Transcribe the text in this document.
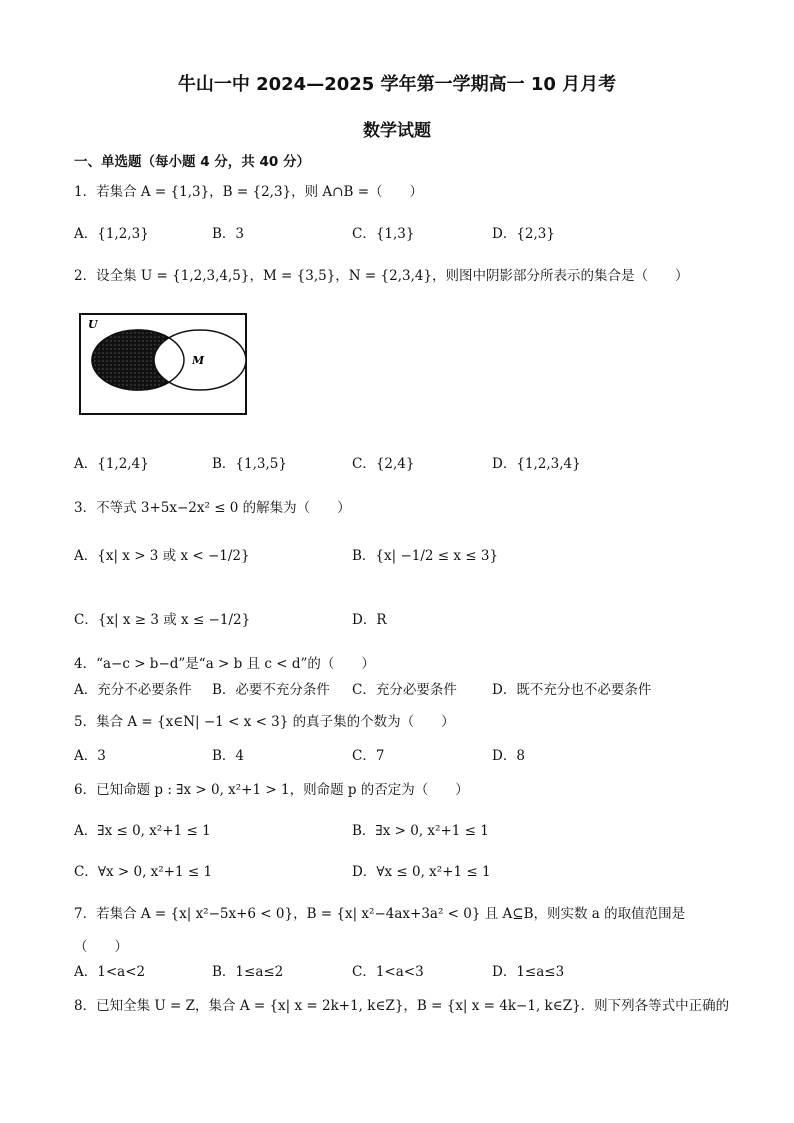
牛山一中 2024—2025 学年第一学期高一 10 月月考
数学试题
一、单选题（每小题 4 分，共 40 分）
1．若集合 A = {1,3}，B = {2,3}，则 A∩B =（　　）
A．{1,2,3}	B．3	C．{1,3}	D．{2,3}
2．设全集 U = {1,2,3,4,5}，M = {3,5}，N = {2,3,4}，则图中阴影部分所表示的集合是（　　）
U
M
A．{1,2,4}	B．{1,3,5}	C．{2,4}	D．{1,2,3,4}
3．不等式 3+5x−2x² ≤ 0 的解集为（　　）
A．{x| x > 3 或 x < −1/2}	B．{x| −1/2 ≤ x ≤ 3}
C．{x| x ≥ 3 或 x ≤ −1/2}	D．R
4．“a−c > b−d”是“a > b 且 c < d”的（　　）
A．充分不必要条件 B．必要不充分条件 C．充分必要条件	D．既不充分也不必要条件
5．集合 A = {x∈N| −1 < x < 3} 的真子集的个数为（　　）
A．3	B．4	C．7	D．8
6．已知命题 p : ∃x > 0, x²+1 > 1，则命题 p 的否定为（　　）
A．∃x ≤ 0, x²+1 ≤ 1	B．∃x > 0, x²+1 ≤ 1
C．∀x > 0, x²+1 ≤ 1	D．∀x ≤ 0, x²+1 ≤ 1
7．若集合 A = {x| x²−5x+6 < 0}，B = {x| x²−4ax+3a² < 0} 且 A⊆B，则实数 a 的取值范围是
（　　）
A．1<a<2	B．1≤a≤2	C．1<a<3	D．1≤a≤3
8．已知全集 U = Z，集合 A = {x| x = 2k+1, k∈Z}，B = {x| x = 4k−1, k∈Z}．则下列各等式中正确的
